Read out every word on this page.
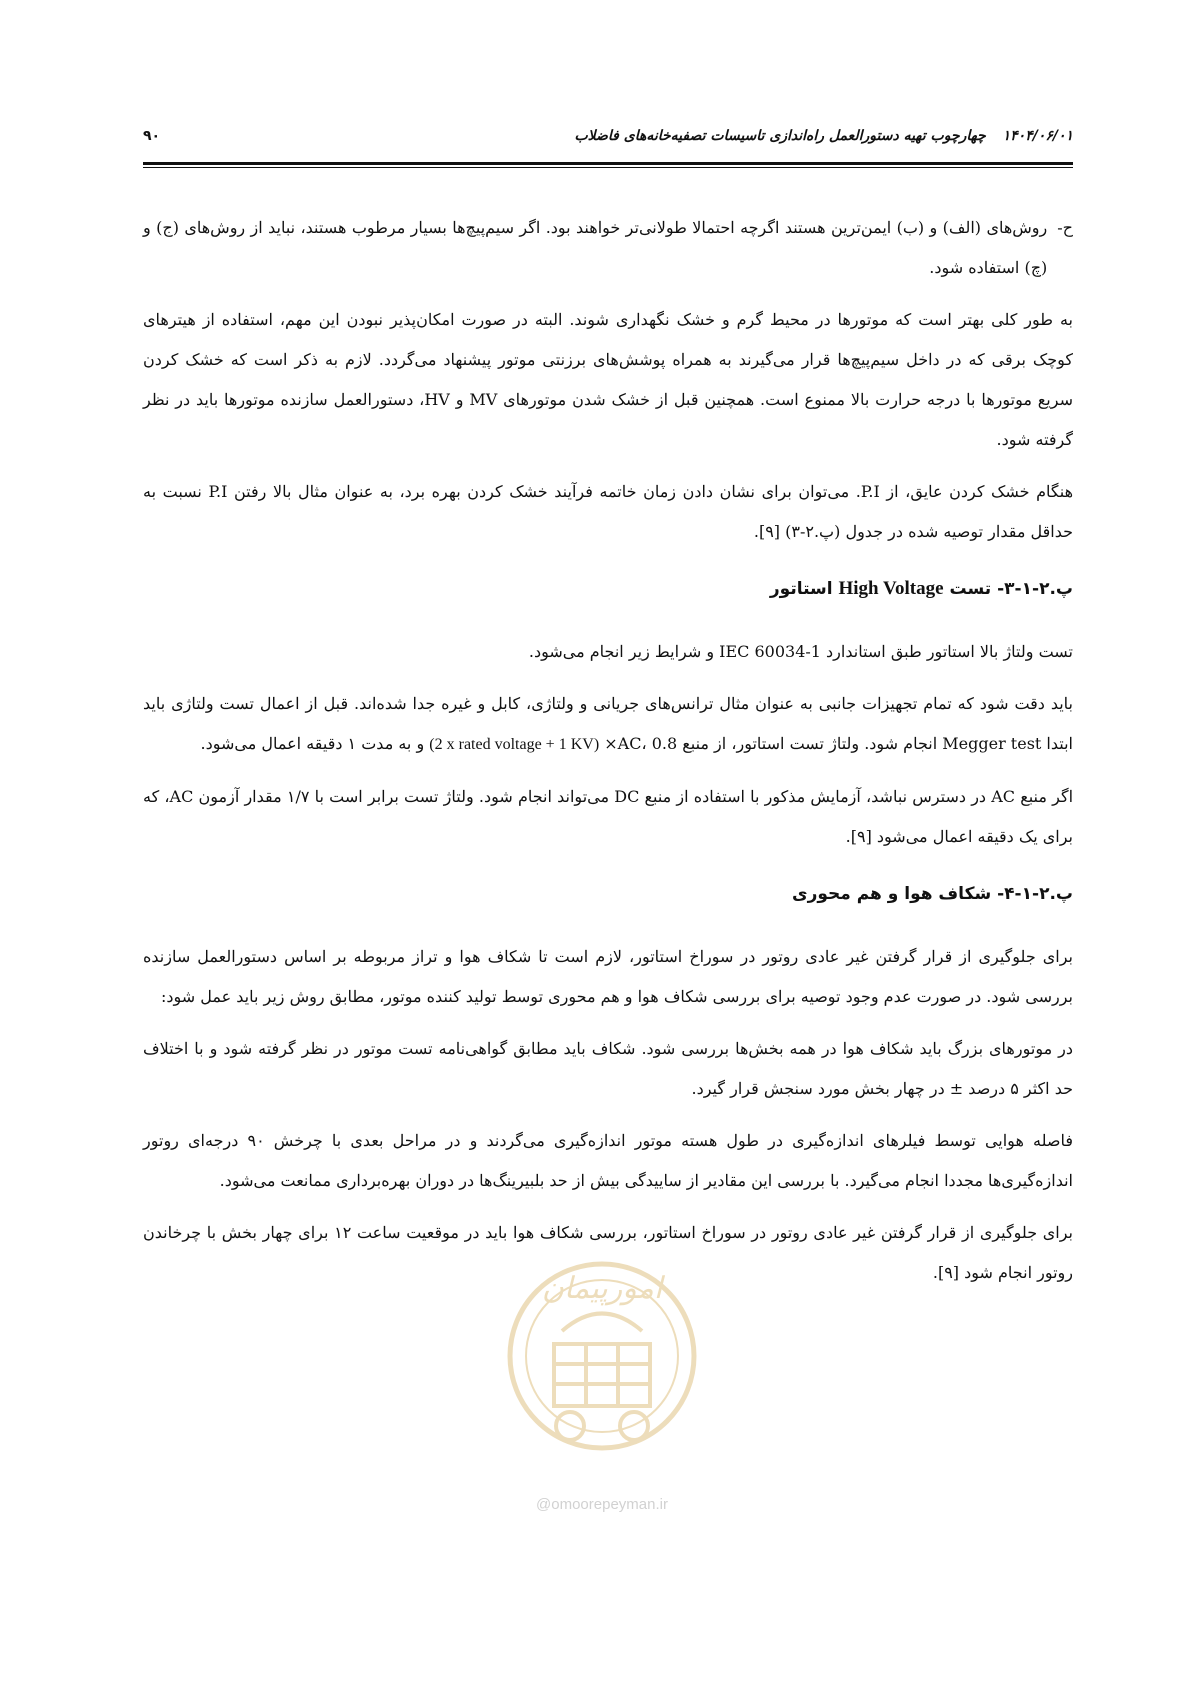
۱۴۰۴/۰۶/۰۱ چهارچوب تهیه دستورالعمل راه‌اندازی تاسیسات تصفیه‌خانه‌های فاضلاب
۹۰
ح-

روش‌های (الف) و (ب) ایمن‌ترین هستند اگرچه احتمالا طولانی‌تر خواهند بود. اگر سیم‌پیچ‌ها بسیار مرطوب هستند، نباید از روش‌های (ج) و (چ) استفاده شود.

به طور کلی بهتر است که موتورها در محیط گرم و خشک نگهداری شوند. البته در صورت امکان‌پذیر نبودن این مهم، استفاده از هیترهای کوچک برقی که در داخل سیم‌پیچ‌ها قرار می‌گیرند به همراه پوشش‌های برزنتی موتور پیشنهاد می‌گردد. لازم به ذکر است که خشک کردن سریع موتورها با درجه حرارت بالا ممنوع است. همچنین قبل از خشک شدن موتورهای MV و HV، دستورالعمل سازنده موتورها باید در نظر گرفته شود.

هنگام خشک کردن عایق، از P.I. می‌توان برای نشان دادن زمان خاتمه فرآیند خشک کردن بهره برد، به عنوان مثال بالا رفتن P.I نسبت به حداقل مقدار توصیه شده در جدول (پ.۲-۳) [۹].

پ.۲-۱-۳- تست High Voltage استاتور

تست ولتاژ بالا استاتور طبق استاندارد IEC 60034-1 و شرایط زیر انجام می‌شود.

باید دقت شود که تمام تجهیزات جانبی به عنوان مثال ترانس‌های جریانی و ولتاژی، کابل و غیره جدا شده‌اند. قبل از اعمال تست ولتاژی باید ابتدا Megger test انجام شود. ولتاژ تست استاتور، از منبع AC، 0.8× (2 x rated voltage + 1 KV) و به مدت ۱ دقیقه اعمال می‌شود.

اگر منبع AC در دسترس نباشد، آزمایش مذکور با استفاده از منبع DC می‌تواند انجام شود. ولتاژ تست برابر است با ۱/۷ مقدار آزمون AC، که برای یک دقیقه اعمال می‌شود [۹].

پ.۲-۱-۴- شکاف هوا و هم محوری

برای جلوگیری از قرار گرفتن غیر عادی روتور در سوراخ استاتور، لازم است تا شکاف هوا و تراز مربوطه بر اساس دستورالعمل سازنده بررسی شود. در صورت عدم وجود توصیه برای بررسی شکاف هوا و هم محوری توسط تولید کننده موتور، مطابق روش زیر باید عمل شود:

در موتورهای بزرگ باید شکاف هوا در همه بخش‌ها بررسی شود. شکاف باید مطابق گواهی‌نامه تست موتور در نظر گرفته شود و با اختلاف حد اکثر ۵ درصد ± در چهار بخش مورد سنجش قرار گیرد.

فاصله هوایی توسط فیلرهای اندازه‌گیری در طول هسته موتور اندازه‌گیری می‌گردند و در مراحل بعدی با چرخش ۹۰ درجه‌ای روتور اندازه‌گیری‌ها مجددا انجام می‌گیرد. با بررسی این مقادیر از ساییدگی بیش از حد بلبیرینگ‌ها در دوران بهره‌برداری ممانعت می‌شود.

برای جلوگیری از قرار گرفتن غیر عادی روتور در سوراخ استاتور، بررسی شکاف هوا باید در موقعیت ساعت ۱۲ برای چهار بخش با چرخاندن روتور انجام شود [۹].

امورپیمان
@omoorepeyman.ir
